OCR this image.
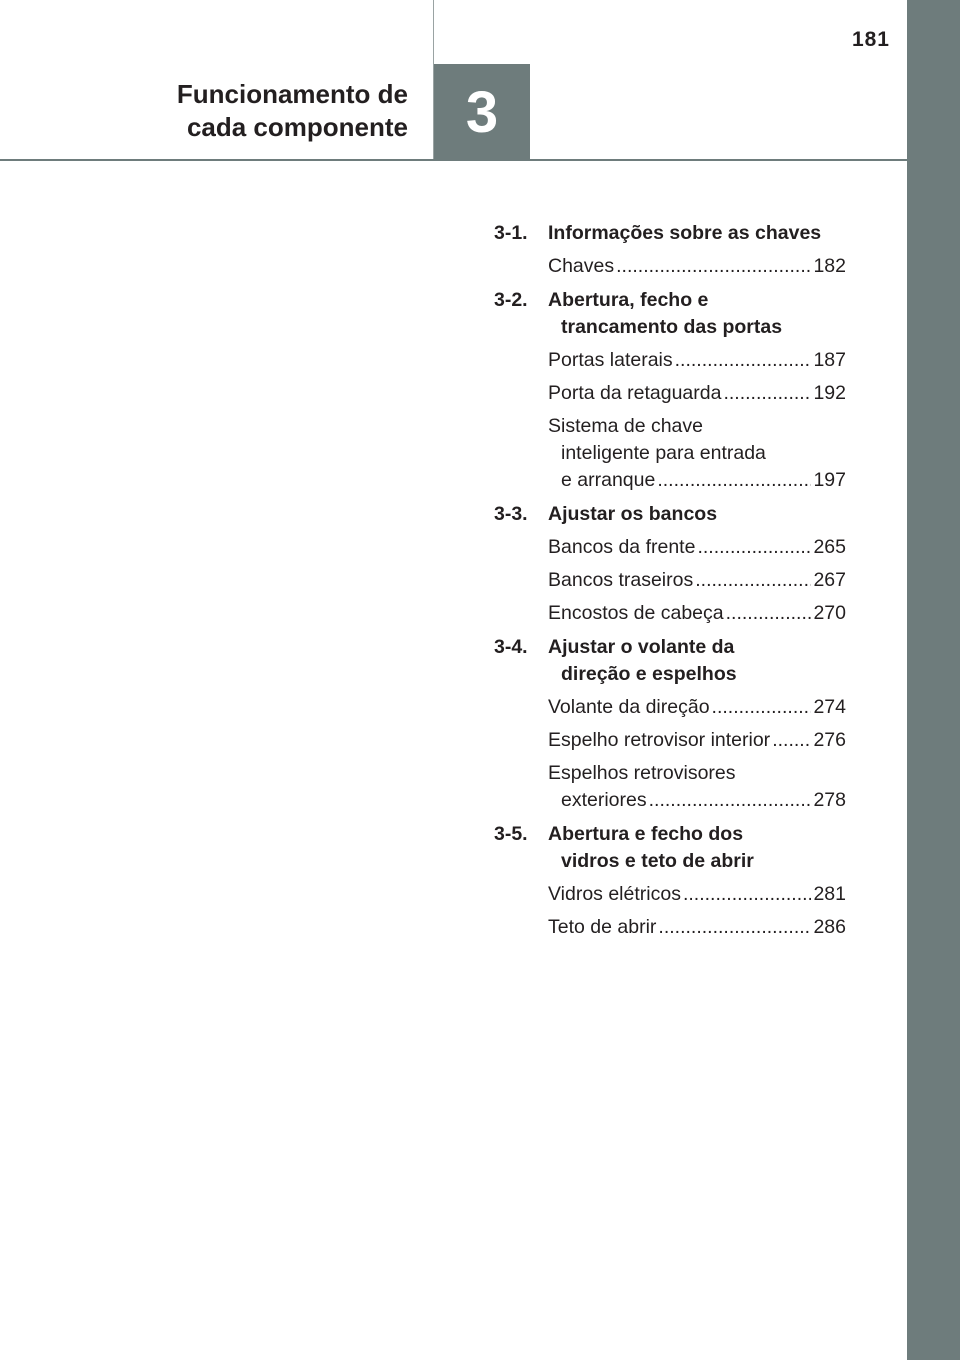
181
Funcionamento de
cada componente 3
3-1.	Informações sobre as chaves
Chaves .....	182
3-2.	Abertura, fecho e
trancamento das portas
Portas laterais .....	187
Porta da retaguarda .....	192
Sistema de chave
inteligente para entrada
e arranque .....	197
3-3.	Ajustar os bancos
Bancos da frente .....	265
Bancos traseiros .....	267
Encostos de cabeça .....	270
3-4.	Ajustar o volante da
direção e espelhos
Volante da direção .....	274
Espelho retrovisor interior ..... 276
Espelhos retrovisores
exteriores .....	278
3-5.	Abertura e fecho dos
vidros e teto de abrir
Vidros elétricos .....	281
Teto de abrir .....	286
